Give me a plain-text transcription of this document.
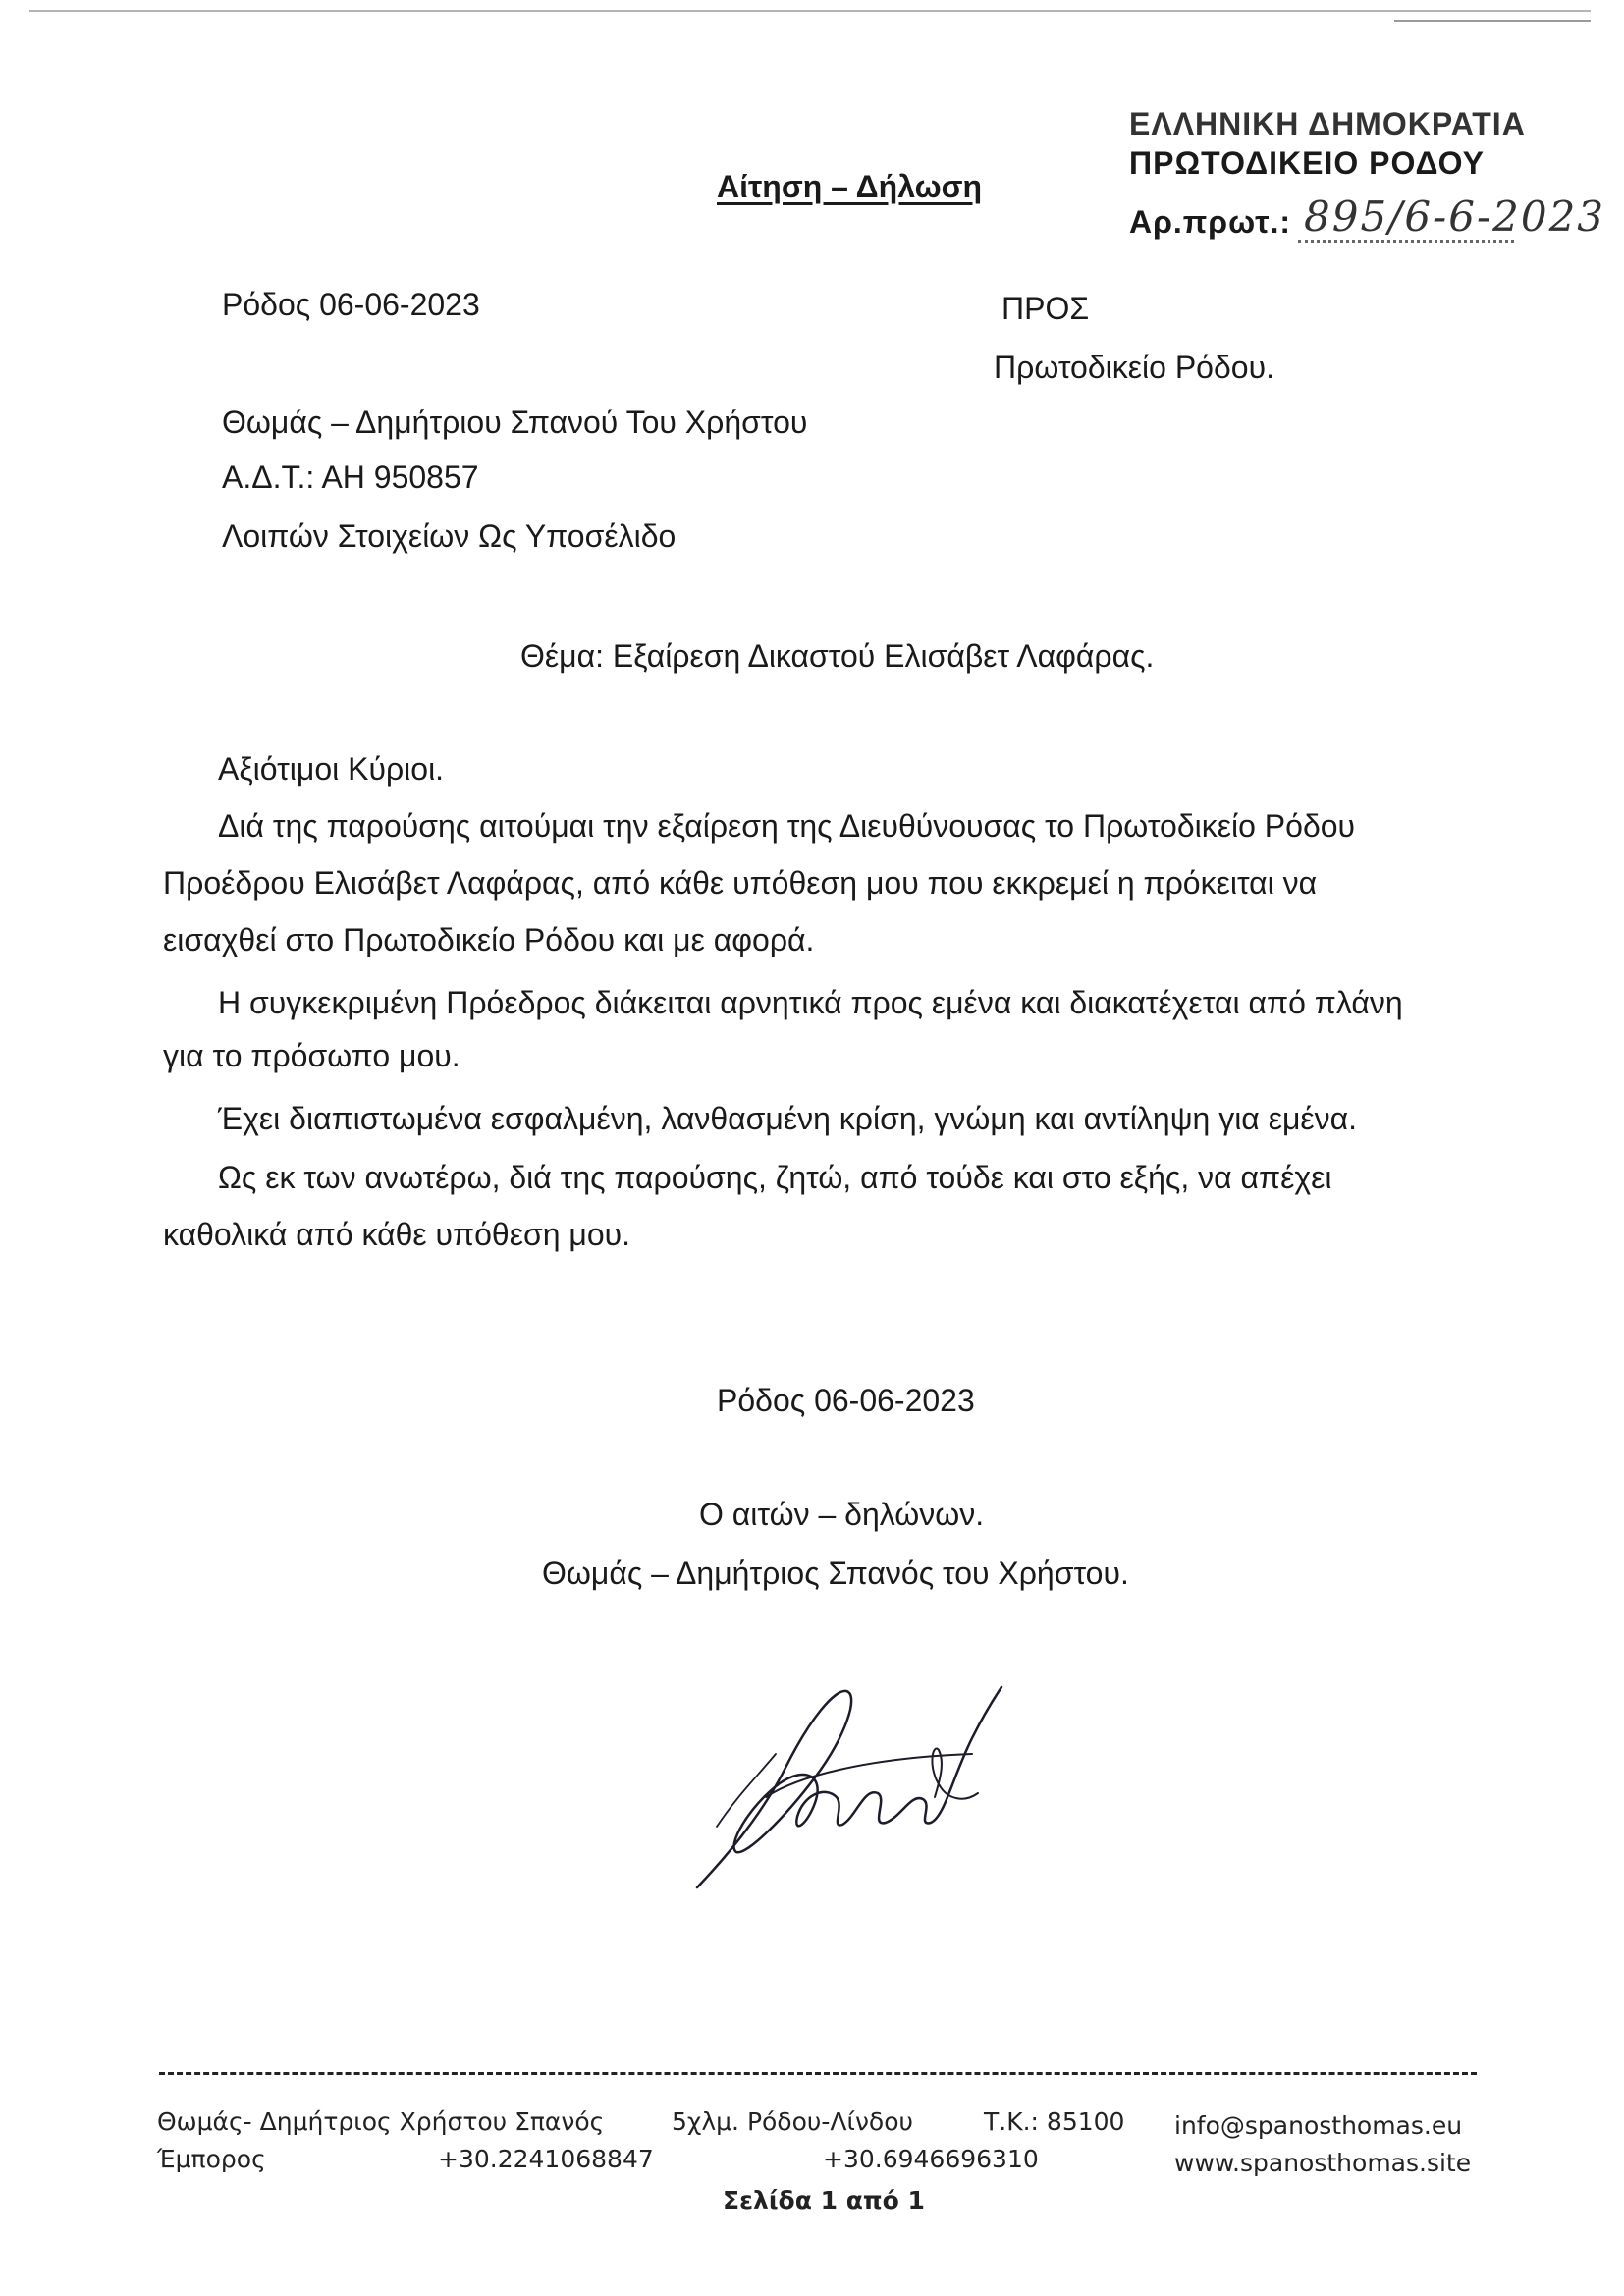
Αίτηση – Δήλωση
ΕΛΛΗΝΙΚΗ ΔΗΜΟΚΡΑΤΙΑ
ΠΡΩΤΟΔΙΚΕΙΟ ΡΟΔΟΥ
Αρ.πρωτ.: 895/6-6-2023
Ρόδος 06-06-2023	ΠΡΟΣ
Πρωτοδικείο Ρόδου.
Θωμάς – Δημήτριου Σπανού Του Χρήστου
Α.Δ.Τ.: ΑΗ 950857
Λοιπών Στοιχείων Ως Υποσέλιδο
Θέμα: Εξαίρεση Δικαστού Ελισάβετ Λαφάρας.
Αξιότιμοι Κύριοι.
Διά της παρούσης αιτούμαι την εξαίρεση της Διευθύνουσας το Πρωτοδικείο Ρόδου
Προέδρου Ελισάβετ Λαφάρας, από κάθε υπόθεση μου που εκκρεμεί η πρόκειται να
εισαχθεί στο Πρωτοδικείο Ρόδου και με αφορά.
Η συγκεκριμένη Πρόεδρος διάκειται αρνητικά προς εμένα και διακατέχεται από πλάνη
για το πρόσωπο μου.
Έχει διαπιστωμένα εσφαλμένη, λανθασμένη κρίση, γνώμη και αντίληψη για εμένα.
Ως εκ των ανωτέρω, διά της παρούσης, ζητώ, από τούδε και στο εξής, να απέχει
καθολικά από κάθε υπόθεση μου.
Ρόδος 06-06-2023
Ο αιτών – δηλώνων.
Θωμάς – Δημήτριος Σπανός του Χρήστου.
Θωμάς- Δημήτριος Χρήστου Σπανός
Έμπορος
5χλμ. Ρόδου-Λίνδου	Τ.Κ.: 85100 info@spanosthomas.eu
+30.2241068847	+30.6946696310	www.spanosthomas.site
Σελίδα 1 από 1
